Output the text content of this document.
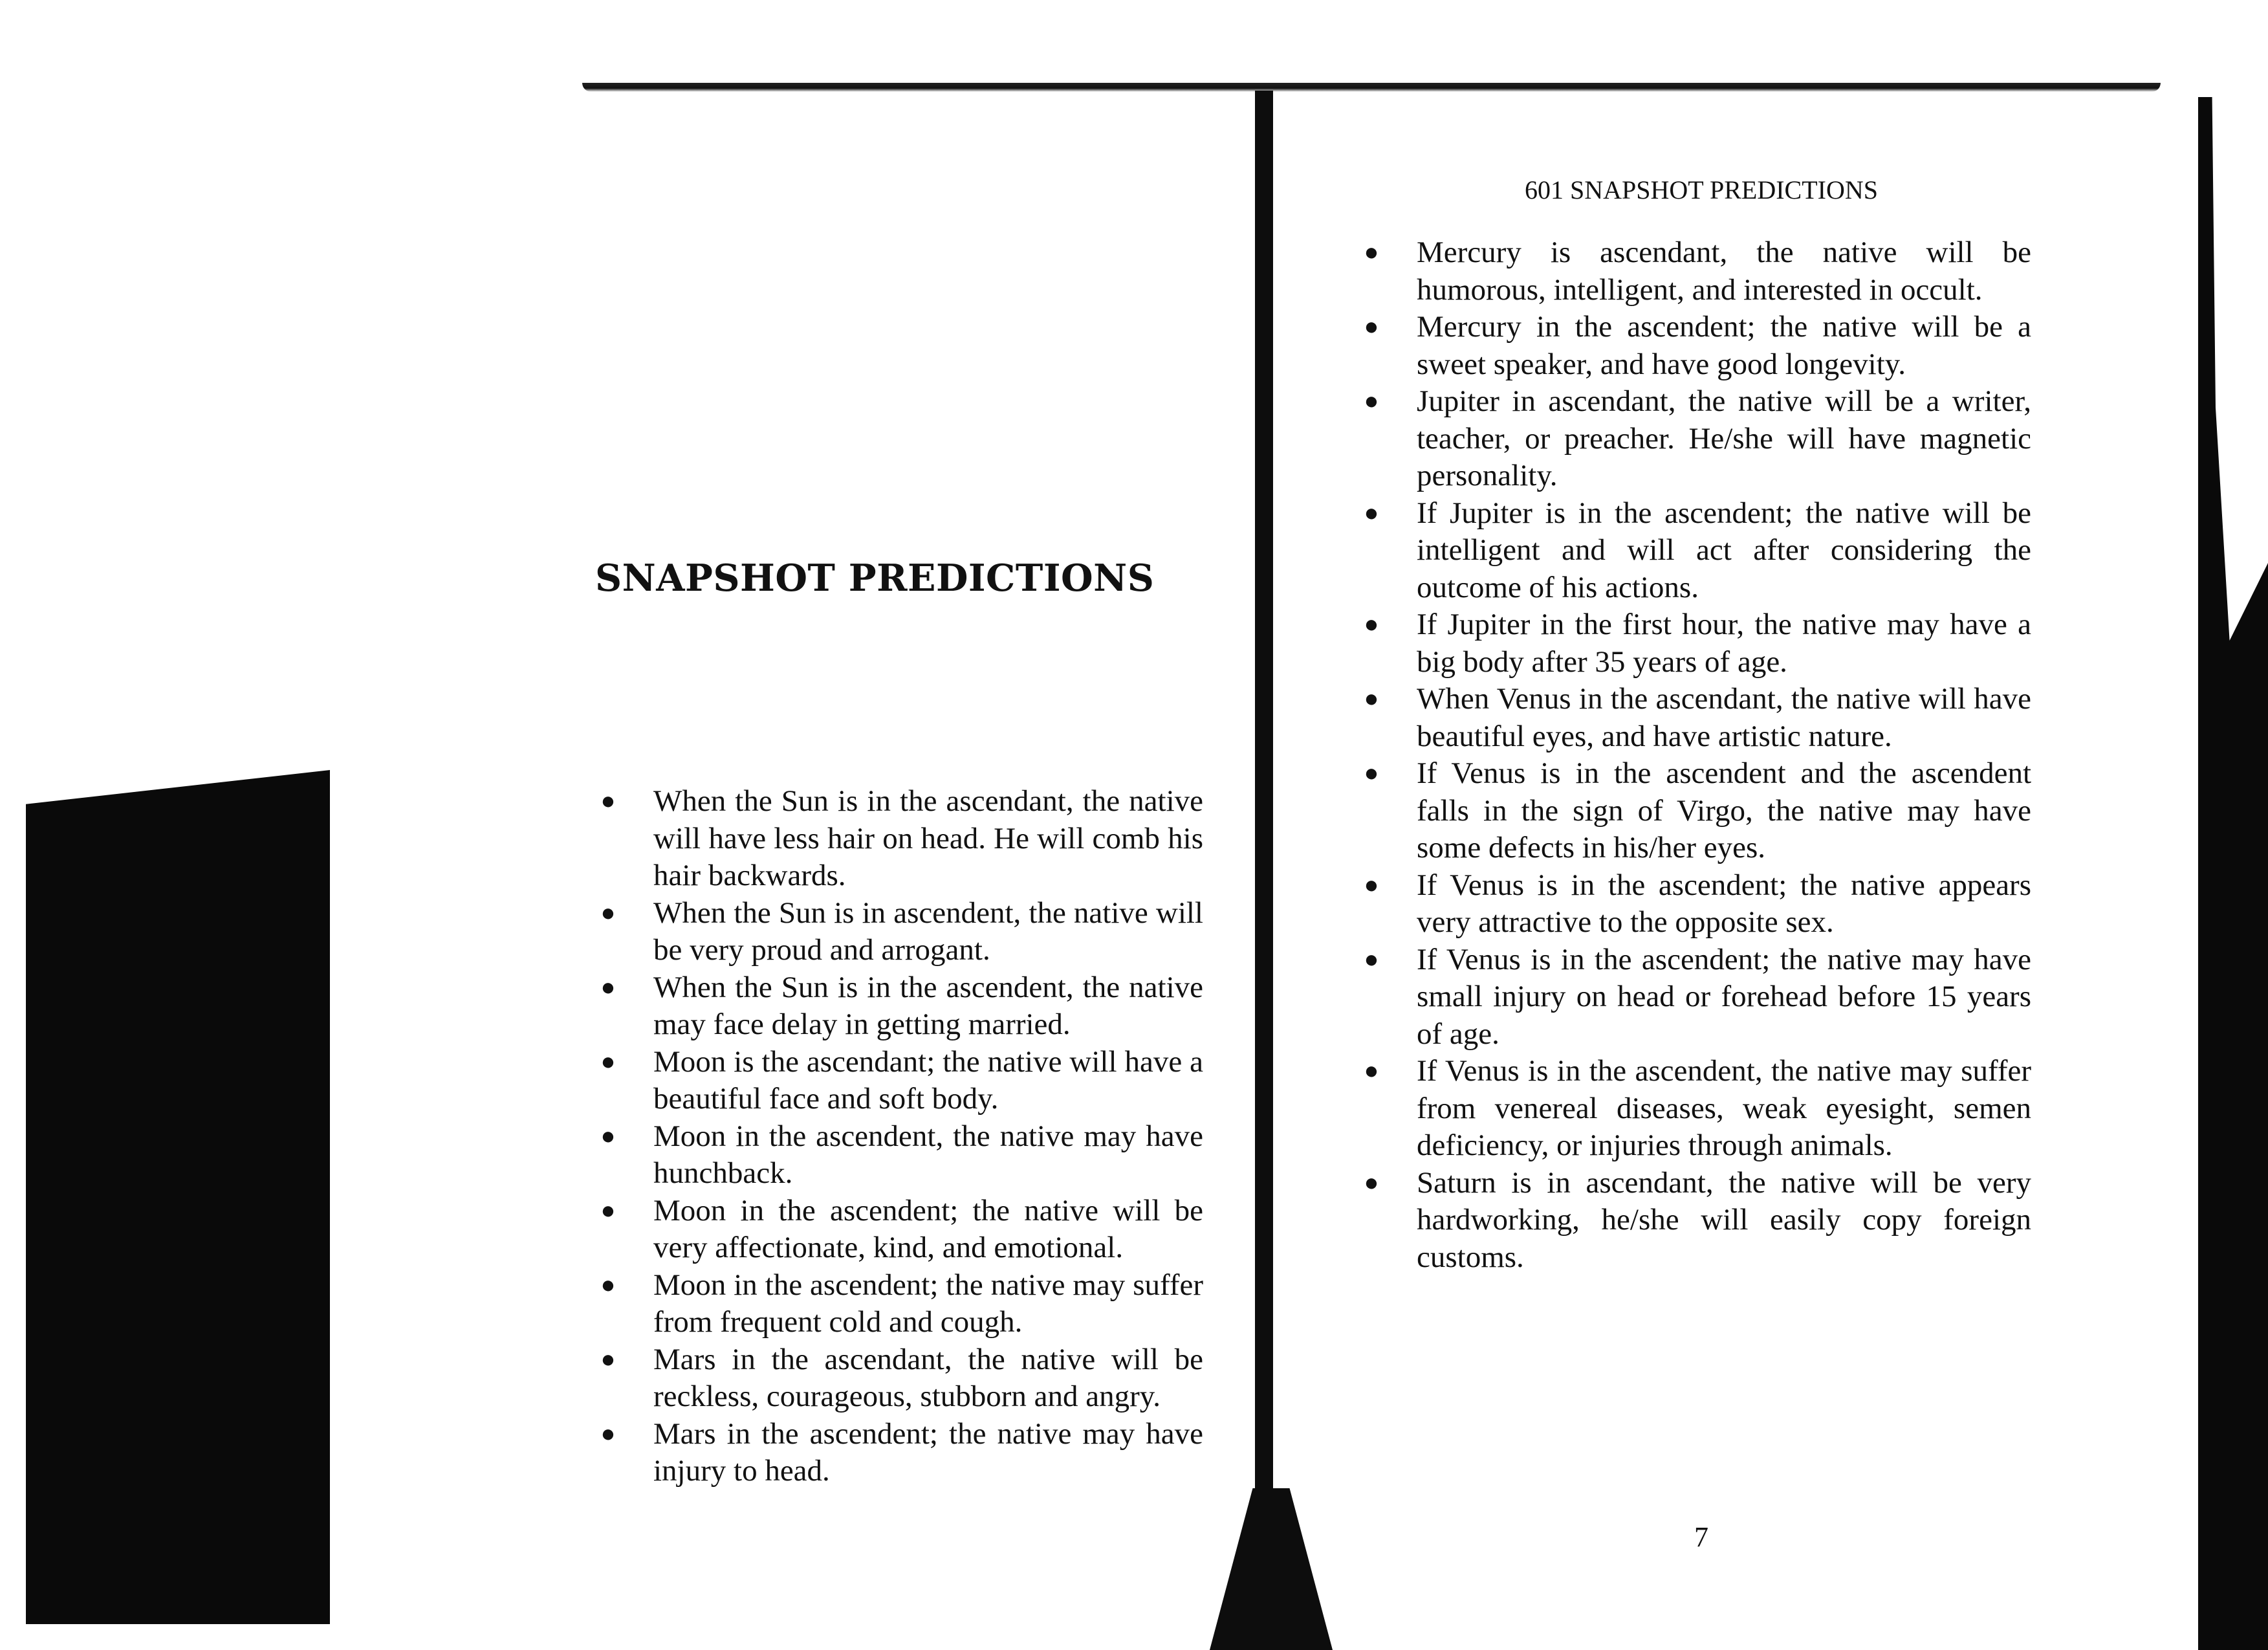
SNAPSHOT PREDICTIONS
● When the Sun is in the ascendant, the native will have less hair on head. He will comb his hair backwards.
● When the Sun is in ascendent, the native will be very proud and arrogant.
● When the Sun is in the ascendent, the native may face delay in getting married.
● Moon is the ascendant; the native will have a beautiful face and soft body.
● Moon in the ascendent, the native may have hunchback.
● Moon in the ascendent; the native will be very affectionate, kind, and emotional.
● Moon in the ascendent; the native may suffer from frequent cold and cough.
● Mars in the ascendant, the native will be reckless, courageous, stubborn and angry.
● Mars in the ascendent; the native may have injury to head.
601 SNAPSHOT PREDICTIONS
● Mercury is ascendant, the native will be humorous, intelligent, and interested in occult.
● Mercury in the ascendent; the native will be a sweet speaker, and have good longevity.
● Jupiter in ascendant, the native will be a writer, teacher, or preacher. He/she will have magnetic personality.
● If Jupiter is in the ascendent; the native will be intelligent and will act after considering the outcome of his actions.
● If Jupiter in the first hour, the native may have a big body after 35 years of age.
● When Venus in the ascendant, the native will have beautiful eyes, and have artistic nature.
● If Venus is in the ascendent and the ascendent falls in the sign of Virgo, the native may have some defects in his/her eyes.
● If Venus is in the ascendent; the native appears very attractive to the opposite sex.
● If Venus is in the ascendent; the native may have small injury on head or forehead before 15 years of age.
● If Venus is in the ascendent, the native may suffer from venereal diseases, weak eyesight, semen deficiency, or injuries through animals.
● Saturn is in ascendant, the native will be very hardworking, he/she will easily copy foreign customs.
7
